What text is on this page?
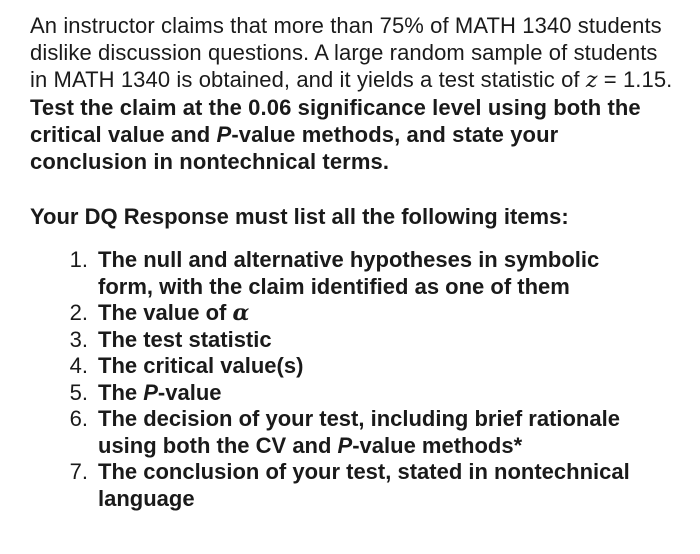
An instructor claims that more than 75% of MATH 1340 students dislike discussion questions. A large random sample of students in MATH 1340 is obtained, and it yields a test statistic of z = 1.15. Test the claim at the 0.06 significance level using both the critical value and P-value methods, and state your conclusion in nontechnical terms.

Your DQ Response must list all the following items:

1. The null and alternative hypotheses in symbolic form, with the claim identified as one of them
2. The value of α
3. The test statistic
4. The critical value(s)
5. The P-value
6. The decision of your test, including brief rationale using both the CV and P-value methods*
7. The conclusion of your test, stated in nontechnical language
